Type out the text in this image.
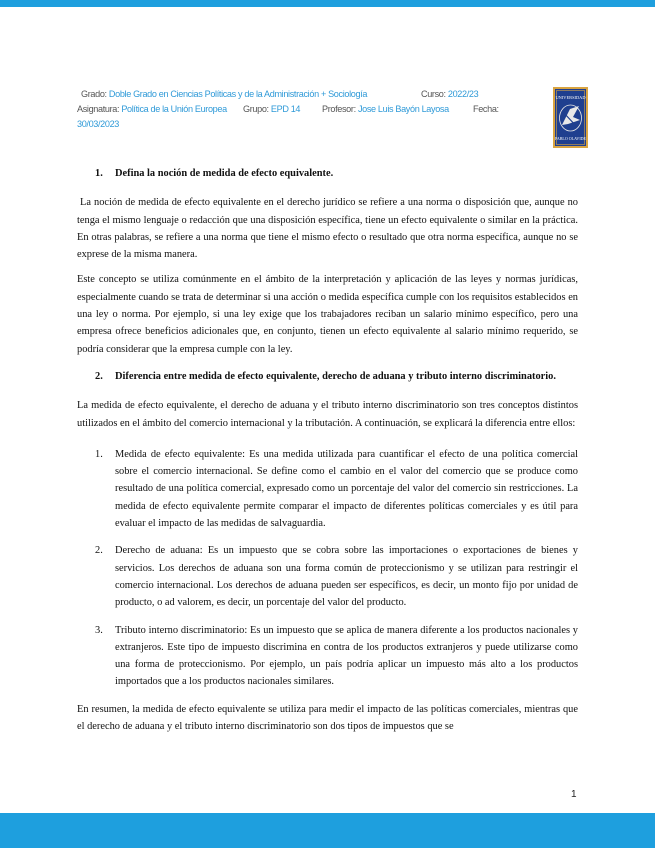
Grado: Doble Grado en Ciencias Políticas y de la Administración + Sociología	Curso: 2022/23
Asignatura: Política de la Unión Europea Grupo: EPD 14 Profesor: Jose Luis Bayón Layosa	Fecha:
30/03/2023
UNIVERSIDAD
PABLO OLAVIDE
1. Defina la noción de medida de efecto equivalente.

La noción de medida de efecto equivalente en el derecho jurídico se refiere a una norma o disposición que, aunque no tenga el mismo lenguaje o redacción que una disposición específica, tiene un efecto equivalente o similar en la práctica. En otras palabras, se refiere a una norma que tiene el mismo efecto o resultado que otra norma específica, aunque no se exprese de la misma manera.

Este concepto se utiliza comúnmente en el ámbito de la interpretación y aplicación de las leyes y normas jurídicas, especialmente cuando se trata de determinar si una acción o medida específica cumple con los requisitos establecidos en una ley o norma. Por ejemplo, si una ley exige que los trabajadores reciban un salario mínimo específico, pero una empresa ofrece beneficios adicionales que, en conjunto, tienen un efecto equivalente al salario mínimo requerido, se podría considerar que la empresa cumple con la ley.

2. Diferencia entre medida de efecto equivalente, derecho de aduana y tributo interno discriminatorio.

La medida de efecto equivalente, el derecho de aduana y el tributo interno discriminatorio son tres conceptos distintos utilizados en el ámbito del comercio internacional y la tributación. A continuación, se explicará la diferencia entre ellos:

1. Medida de efecto equivalente: Es una medida utilizada para cuantificar el efecto de una política comercial sobre el comercio internacional. Se define como el cambio en el valor del comercio que se produce como resultado de una política comercial, expresado como un porcentaje del valor del comercio sin restricciones. La medida de efecto equivalente permite comparar el impacto de diferentes políticas comerciales y es útil para evaluar el impacto de las medidas de salvaguardia.
2. Derecho de aduana: Es un impuesto que se cobra sobre las importaciones o exportaciones de bienes y servicios. Los derechos de aduana son una forma común de proteccionismo y se utilizan para restringir el comercio internacional. Los derechos de aduana pueden ser específicos, es decir, un monto fijo por unidad de producto, o ad valorem, es decir, un porcentaje del valor del producto.
3. Tributo interno discriminatorio: Es un impuesto que se aplica de manera diferente a los productos nacionales y extranjeros. Este tipo de impuesto discrimina en contra de los productos extranjeros y puede utilizarse como una forma de proteccionismo. Por ejemplo, un país podría aplicar un impuesto más alto a los productos importados que a los productos nacionales similares.

En resumen, la medida de efecto equivalente se utiliza para medir el impacto de las políticas comerciales, mientras que el derecho de aduana y el tributo interno discriminatorio son dos tipos de impuestos que se

1
